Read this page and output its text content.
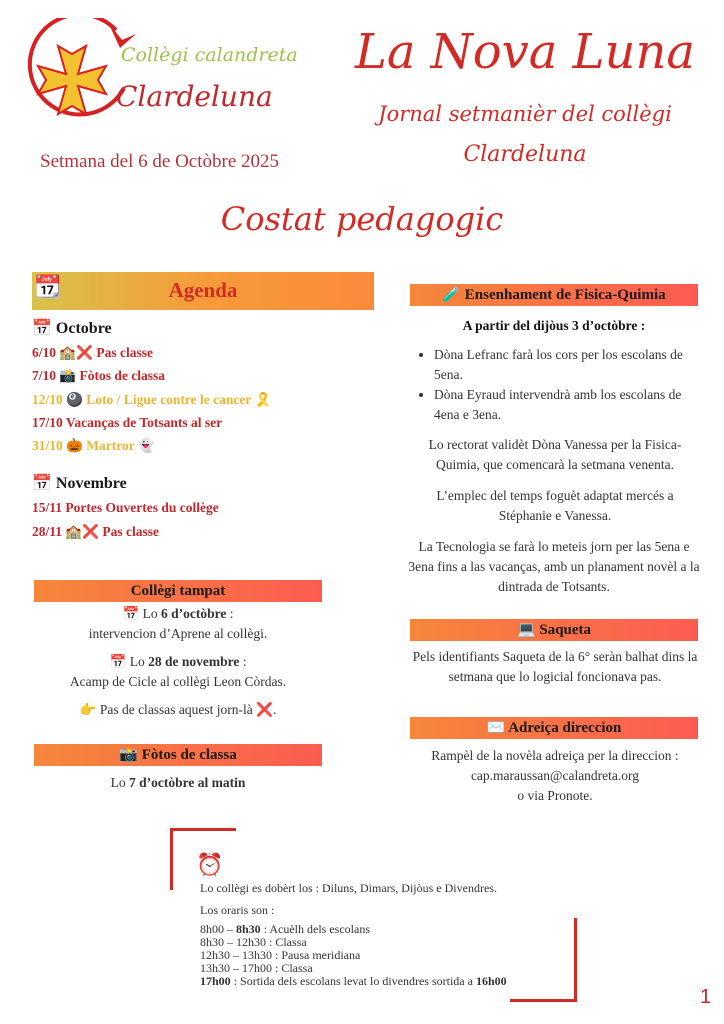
Collègi calandreta
Clardeluna
La Nova Luna
Jornal setmanièr del collègi
Clardeluna
Setmana del 6 de Octòbre 2025
Costat pedagogic
📆	Agenda
📅 Octobre
6/10 🏫❌ Pas classe
7/10 📸 Fòtos de classa
12/10 🎱 Loto / Ligue contre le cancer 🎗️
17/10 Vacanças de Totsants al ser
31/10 🎃 Martror 👻
📅 Novembre
15/11 Portes Ouvertes du collège
28/11 🏫❌ Pas classe
Collègi tampat
📅 Lo 6 d’octòbre :
intervencion d’Aprene al collègi.
📅 Lo 28 de novembre :
Acamp de Cicle al collègi Leon Còrdas.
👉 Pas de classas aquest jorn-là ❌.
📸 Fòtos de classa
Lo 7 d’octòbre al matin
🧪 Ensenhament de Fisica-Quimia
A partir del dijòus 3 d’octòbre :
• Dòna Lefranc farà los cors per los escolans de 5ena.
• Dòna Eyraud intervendrà amb los escolans de 4ena e 3ena.
Lo rectorat validèt Dòna Vanessa per la Fisica-Quimia, que comencarà la setmana venenta.
L’emplec del temps foguèt adaptat mercés a Stéphanie e Vanessa.
La Tecnologia se farà lo meteis jorn per las 5ena e 3ena fins a las vacanças, amb un planament novèl a la dintrada de Totsants.
💻 Saqueta
Pels identifiants Saqueta de la 6° seràn balhat dins la setmana que lo logicial foncionava pas.
✉️ Adreiça direccion
Rampèl de la novèla adreiça per la direccion :
cap.maraussan@calandreta.org
o via Pronote.
⏰
Lo collègi es dobèrt los : Diluns, Dimars, Dijòus e Divendres.
Los oraris son :
8h00 – 8h30 : Acuèlh dels escolans
8h30 – 12h30 : Classa
12h30 – 13h30 : Pausa meridiana
13h30 – 17h00 : Classa
17h00 : Sortida dels escolans levat lo divendres sortida a 16h00
1
